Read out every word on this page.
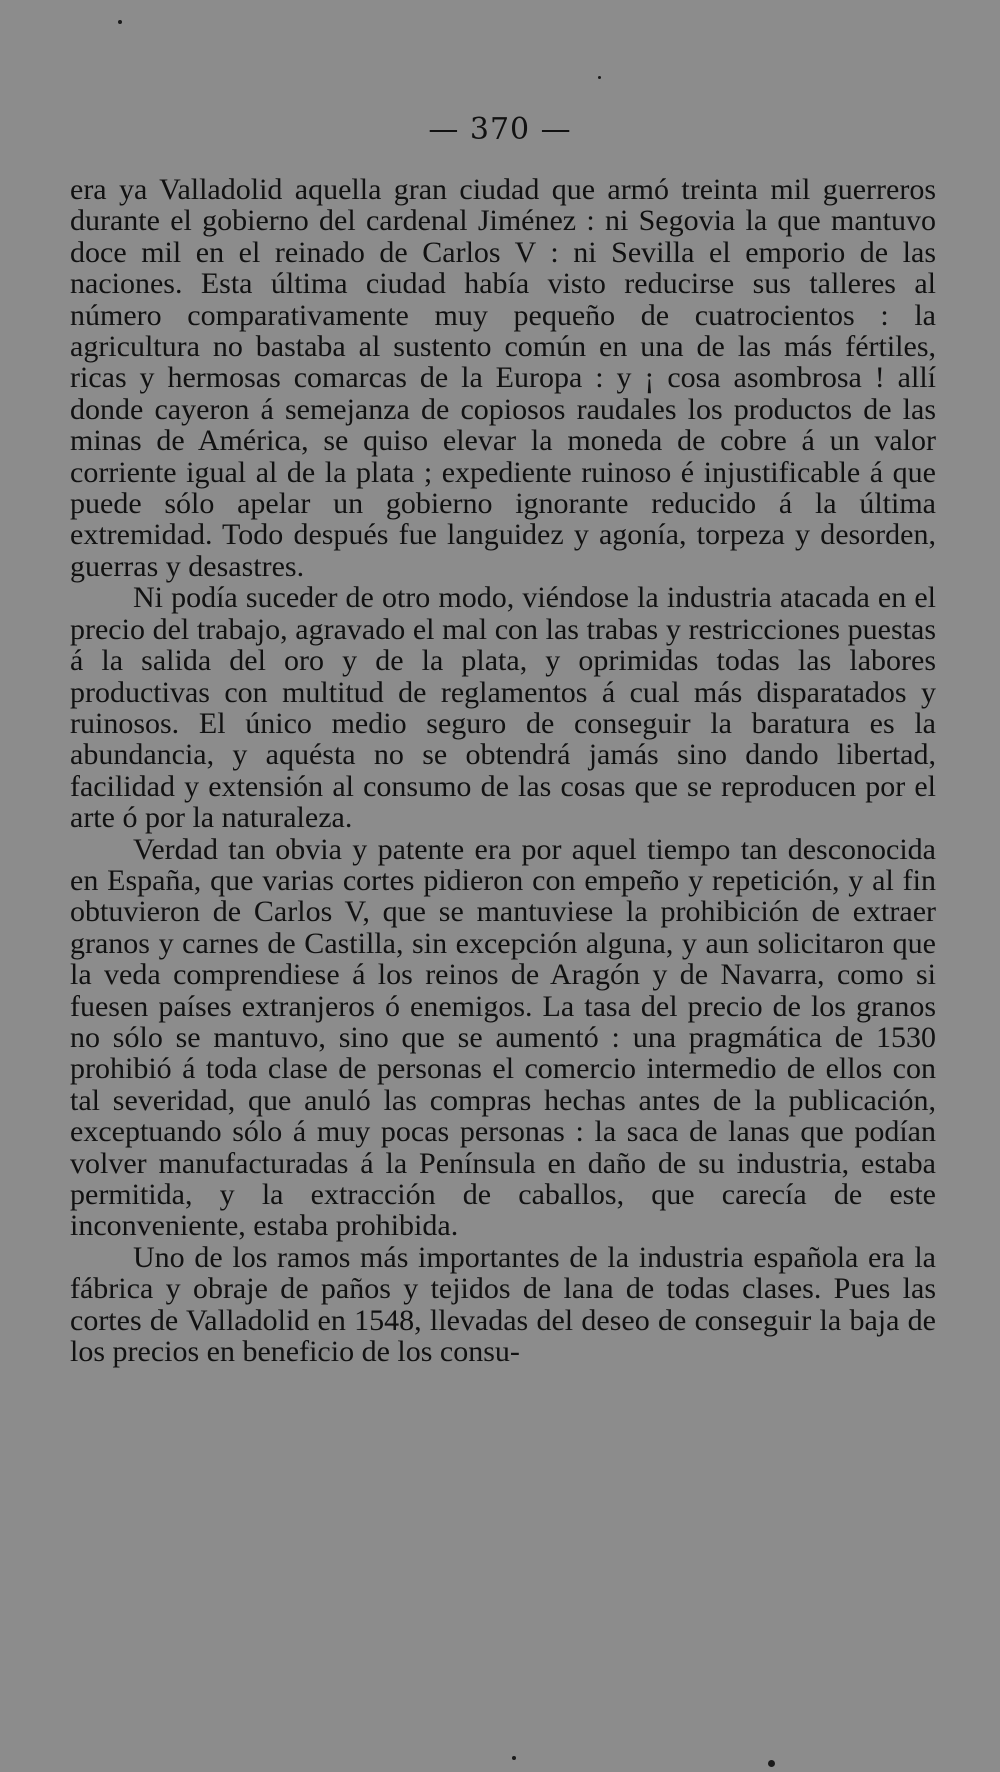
— 370 —

era ya Valladolid aquella gran ciudad que armó treinta mil guerreros durante el gobierno del cardenal Jiménez : ni Segovia la que mantuvo doce mil en el reinado de Carlos V : ni Sevilla el emporio de las naciones. Esta última ciudad había visto reducirse sus talleres al número comparativamente muy pequeño de cuatrocientos : la agricultura no bastaba al sustento común en una de las más fértiles, ricas y hermosas comarcas de la Europa : y ¡ cosa asombrosa ! allí donde cayeron á semejanza de copiosos raudales los productos de las minas de América, se quiso elevar la moneda de cobre á un valor corriente igual al de la plata ; expediente ruinoso é injustificable á que puede sólo apelar un gobierno ignorante reducido á la última extremidad. Todo después fue languidez y agonía, torpeza y desorden, guerras y desastres.

Ni podía suceder de otro modo, viéndose la industria atacada en el precio del trabajo, agravado el mal con las trabas y restricciones puestas á la salida del oro y de la plata, y oprimidas todas las labores productivas con multitud de reglamentos á cual más disparatados y ruinosos. El único medio seguro de conseguir la baratura es la abundancia, y aquésta no se obtendrá jamás sino dando libertad, facilidad y extensión al consumo de las cosas que se reproducen por el arte ó por la naturaleza.

Verdad tan obvia y patente era por aquel tiempo tan desconocida en España, que varias cortes pidieron con empeño y repetición, y al fin obtuvieron de Carlos V, que se mantuviese la prohibición de extraer granos y carnes de Castilla, sin excepción alguna, y aun solicitaron que la veda comprendiese á los reinos de Aragón y de Navarra, como si fuesen países extranjeros ó enemigos. La tasa del precio de los granos no sólo se mantuvo, sino que se aumentó : una pragmática de 1530 prohibió á toda clase de personas el comercio intermedio de ellos con tal severidad, que anuló las compras hechas antes de la publicación, exceptuando sólo á muy pocas personas : la saca de lanas que podían volver manufacturadas á la Península en daño de su industria, estaba permitida, y la extracción de caballos, que carecía de este inconveniente, estaba prohibida.

Uno de los ramos más importantes de la industria española era la fábrica y obraje de paños y tejidos de lana de todas clases. Pues las cortes de Valladolid en 1548, llevadas del deseo de conseguir la baja de los precios en beneficio de los consu-
